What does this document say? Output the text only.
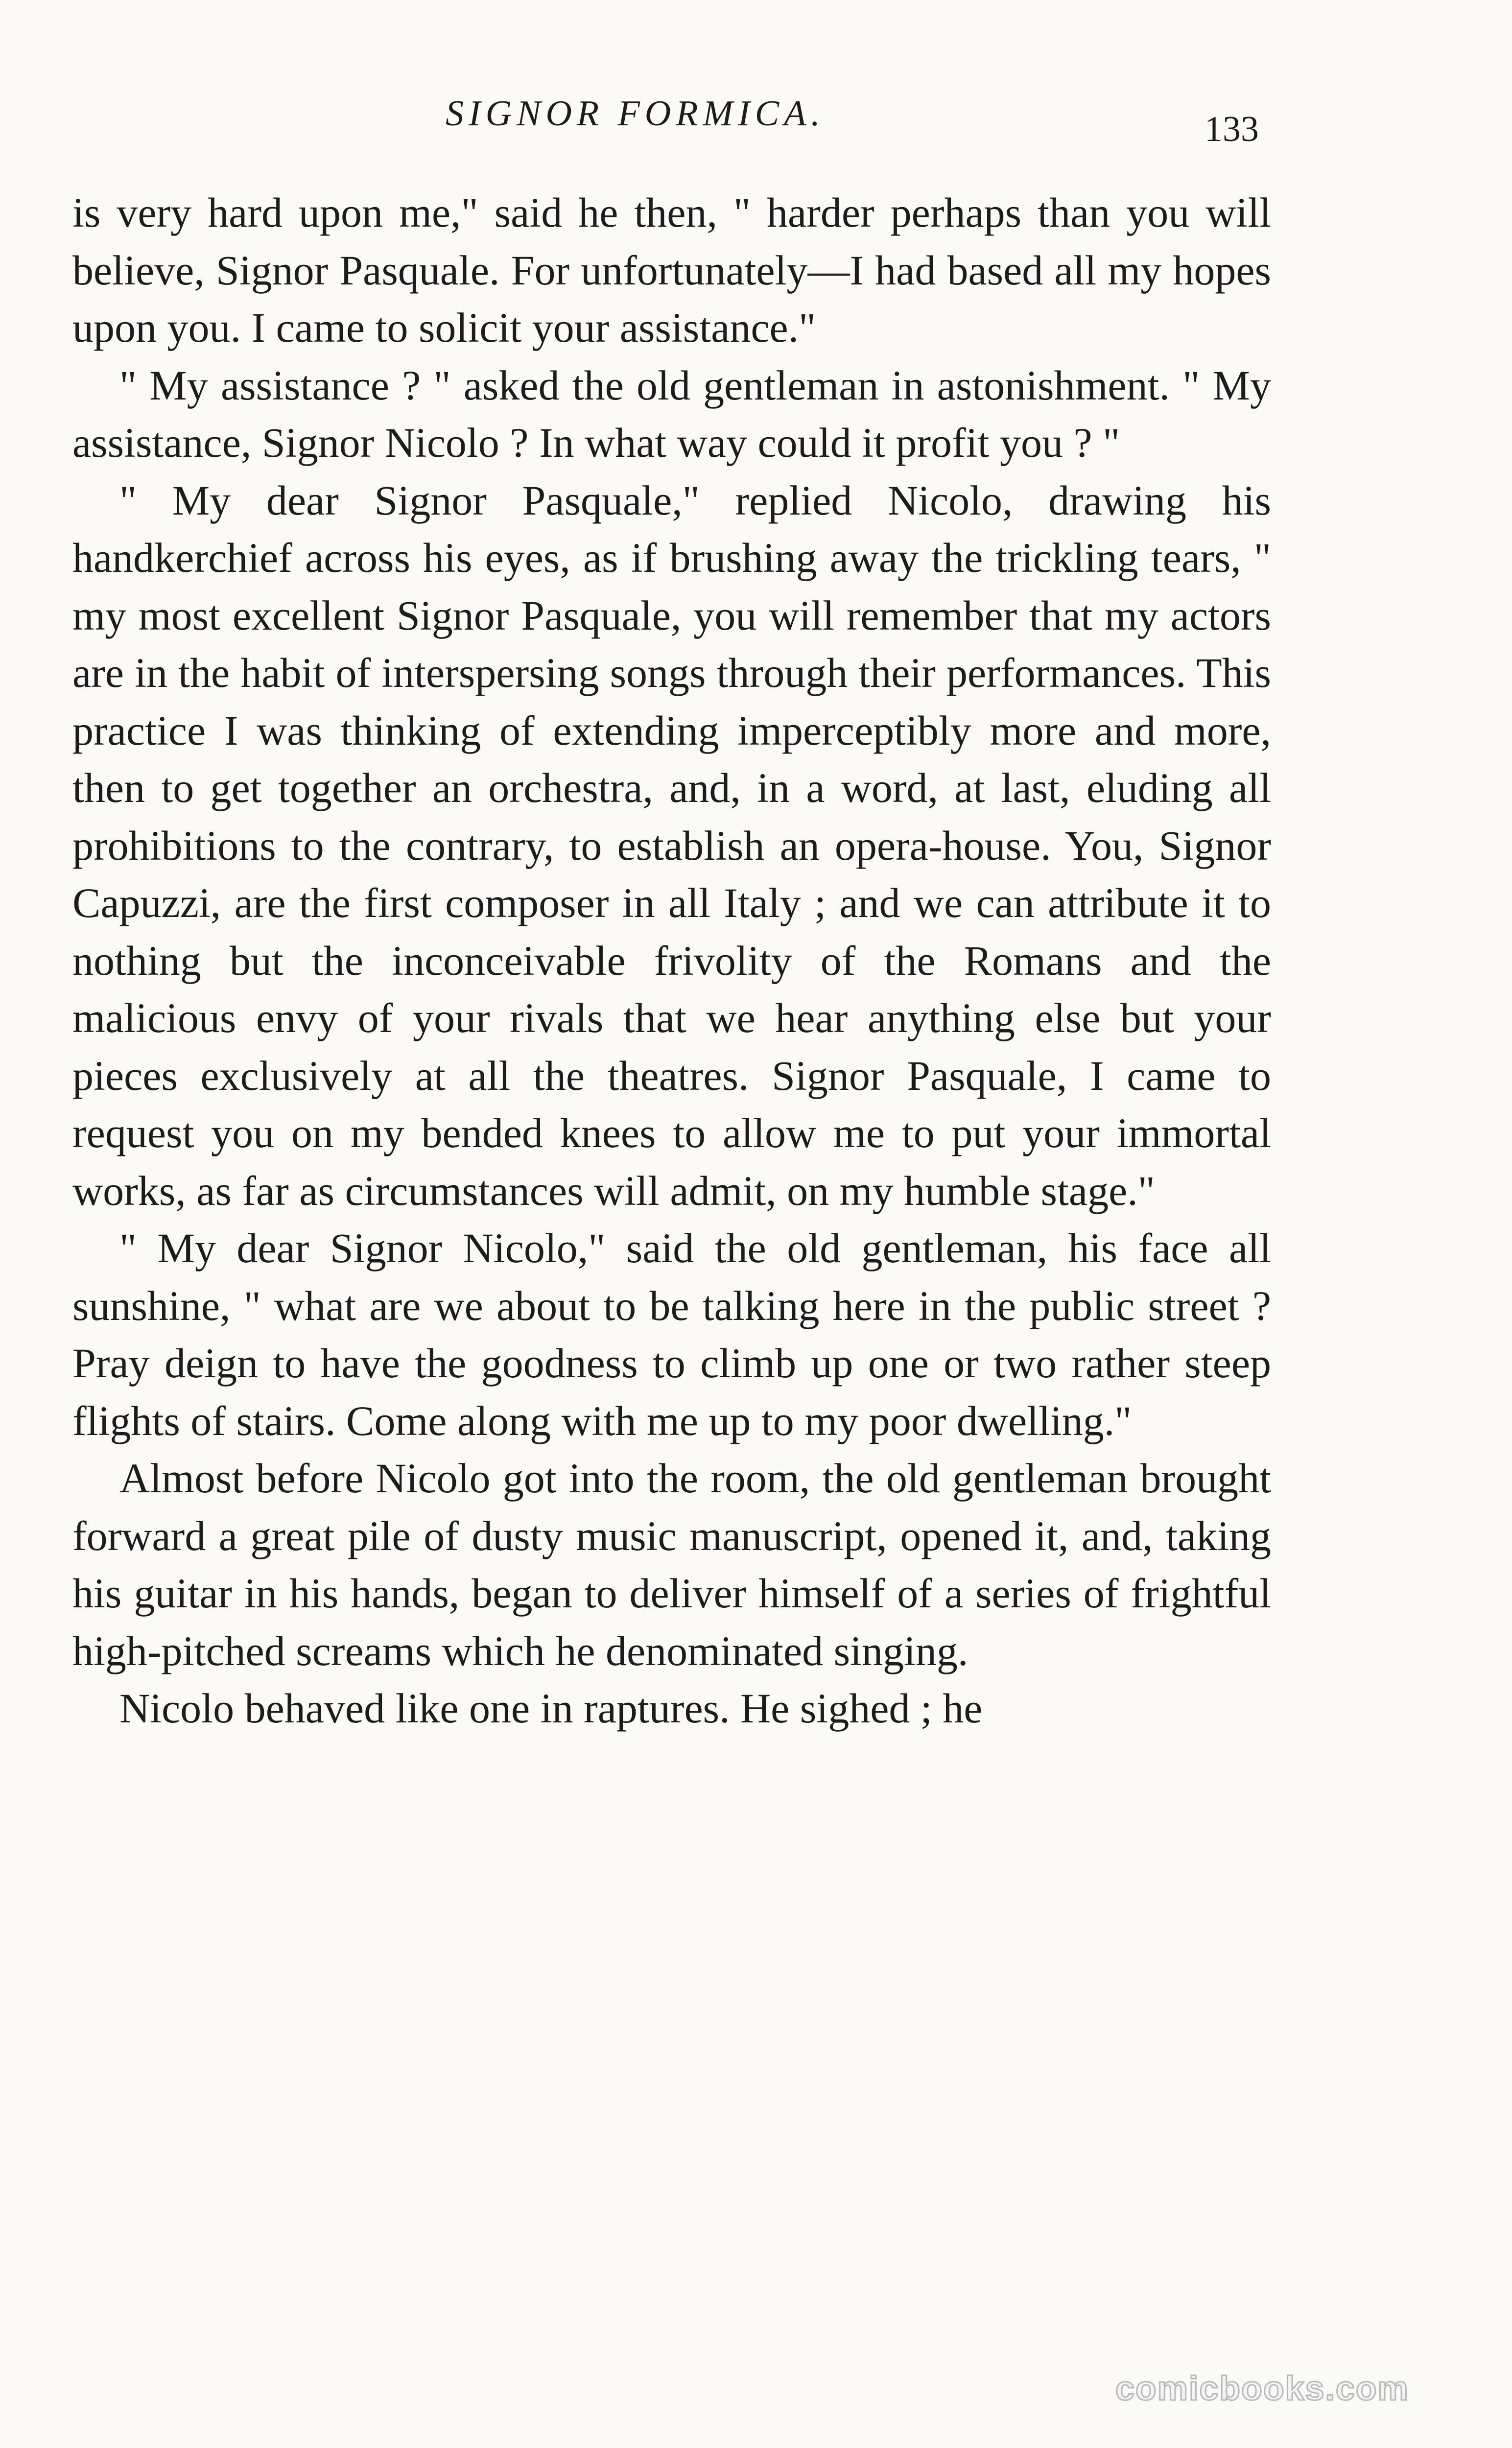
SIGNOR FORMICA.	133

is very hard upon me," said he then, " harder perhaps than you will believe, Signor Pasquale. For unfortunately—I had based all my hopes upon you. I came to solicit your assistance."

" My assistance ? " asked the old gentleman in astonishment. " My assistance, Signor Nicolo ? In what way could it profit you ? "

" My dear Signor Pasquale," replied Nicolo, drawing his handkerchief across his eyes, as if brushing away the trickling tears, " my most excellent Signor Pasquale, you will remember that my actors are in the habit of interspersing songs through their performances. This practice I was thinking of extending imperceptibly more and more, then to get together an orchestra, and, in a word, at last, eluding all prohibitions to the contrary, to establish an opera-house. You, Signor Capuzzi, are the first composer in all Italy ; and we can attribute it to nothing but the inconceivable frivolity of the Romans and the malicious envy of your rivals that we hear anything else but your pieces exclusively at all the theatres. Signor Pasquale, I came to request you on my bended knees to allow me to put your immortal works, as far as circumstances will admit, on my humble stage."

" My dear Signor Nicolo," said the old gentleman, his face all sunshine, " what are we about to be talking here in the public street ? Pray deign to have the goodness to climb up one or two rather steep flights of stairs. Come along with me up to my poor dwelling."

Almost before Nicolo got into the room, the old gentleman brought forward a great pile of dusty music manuscript, opened it, and, taking his guitar in his hands, began to deliver himself of a series of frightful high-pitched screams which he denominated singing.

Nicolo behaved like one in raptures. He sighed ; he

comicbooks.com
